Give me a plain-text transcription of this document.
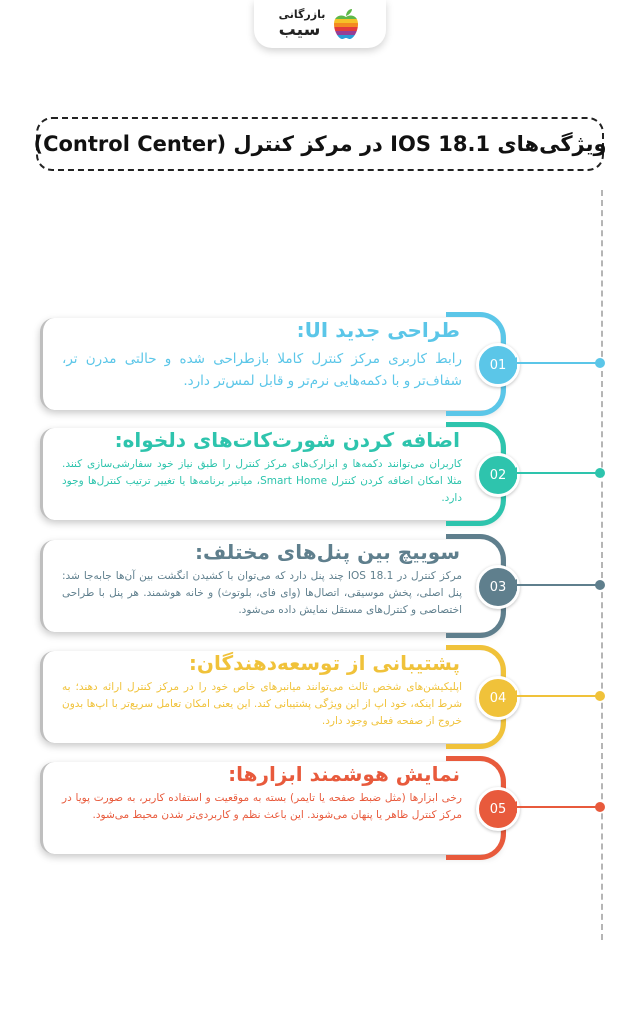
بازرگانی
سیب
ویژگی‌های IOS 18.1 در مرکز کنترل (Control Center)
طراحی جدید UI:
رابط کاربری مرکز کنترل کاملا بازطراحی شده و حالتی مدرن تر، شفاف‌تر و با دکمه‌هایی نرم‌تر و قابل لمس‌تر دارد.
01
اضافه کردن شورت‌کات‌های دلخواه:
کاربران می‌توانند دکمه‌ها و ابزارک‌های مرکز کنترل را طبق نیاز خود سفارشی‌سازی کنند. مثلا امکان اضافه کردن کنترل Smart Home، میانبر برنامه‌ها یا تغییر ترتیب کنترل‌ها وجود دارد.
02
سوییچ بین پنل‌های مختلف:
مرکز کنترل در IOS 18.1 چند پنل دارد که می‌توان با کشیدن انگشت بین آن‌ها جابه‌جا شد: پنل اصلی، پخش موسیقی، اتصال‌ها (وای فای، بلوتوث) و خانه هوشمند. هر پنل با طراحی اختصاصی و کنترل‌های مستقل نمایش داده می‌شود.
03
پشتیبانی از توسعه‌دهندگان:
اپلیکیشن‌های شخص ثالث می‌توانند میانبرهای خاص خود را در مرکز کنترل ارائه دهند؛ به شرط اینکه، خود اپ از این ویژگی پشتیبانی کند. این یعنی امکان تعامل سریع‌تر با اپ‌ها بدون خروج از صفحه فعلی وجود دارد.
04
نمایش هوشمند ابزارها:
رخی ابزارها (مثل ضبط صفحه یا تایمر) بسته به موقعیت و استفاده کاربر، به صورت پویا در مرکز کنترل ظاهر یا پنهان می‌شوند. این باعث نظم و کاربردی‌تر شدن محیط می‌شود.	05
